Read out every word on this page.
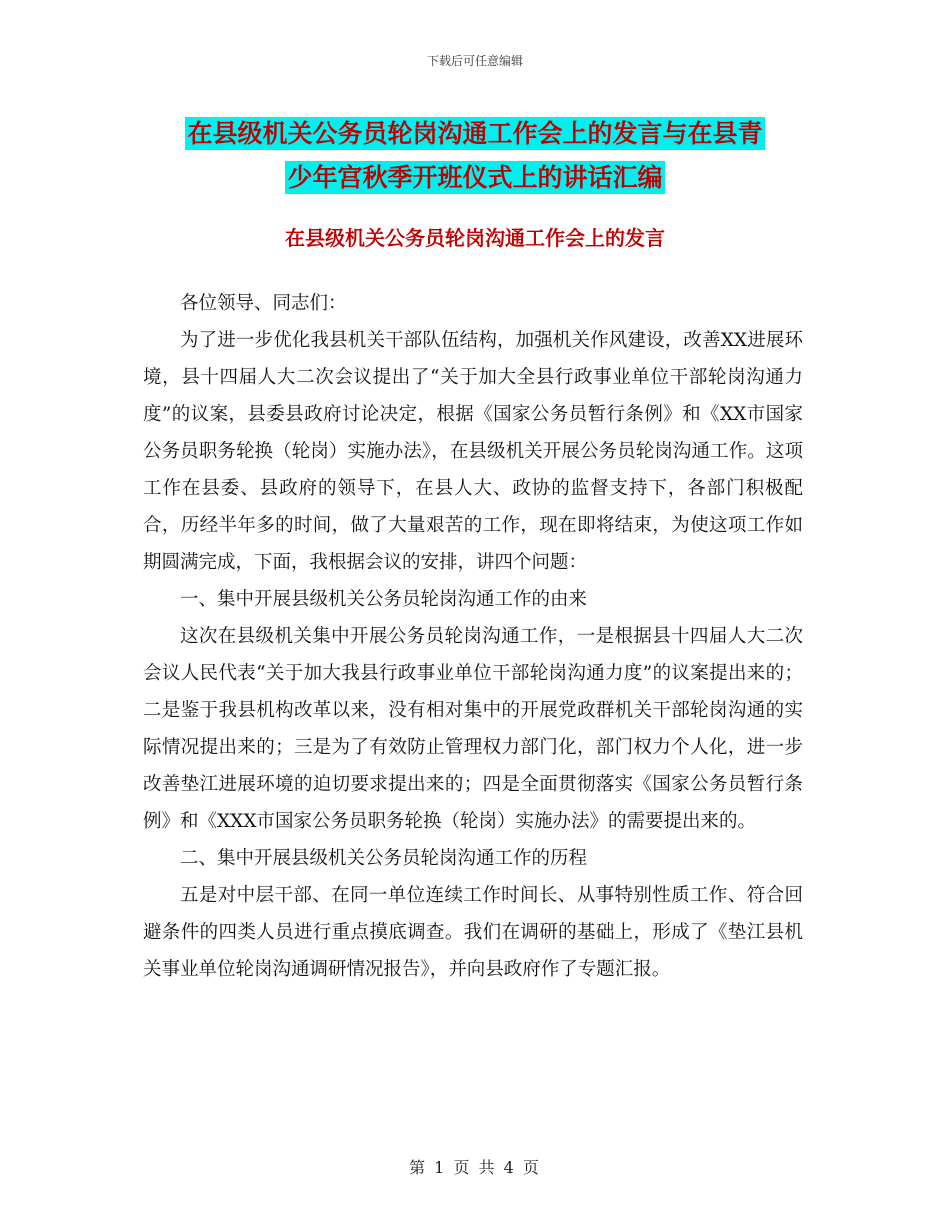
下载后可任意编辑
在县级机关公务员轮岗沟通工作会上的发言与在县青
少年宫秋季开班仪式上的讲话汇编
在县级机关公务员轮岗沟通工作会上的发言

各位领导、同志们：

为了进一步优化我县机关干部队伍结构，加强机关作风建设，改善XX进展环境，县十四届人大二次会议提出了“关于加大全县行政事业单位干部轮岗沟通力度”的议案，县委县政府讨论决定，根据《国家公务员暂行条例》和《XX市国家公务员职务轮换（轮岗）实施办法》，在县级机关开展公务员轮岗沟通工作。这项工作在县委、县政府的领导下，在县人大、政协的监督支持下，各部门积极配合，历经半年多的时间，做了大量艰苦的工作，现在即将结束，为使这项工作如期圆满完成，下面，我根据会议的安排，讲四个问题：

一、集中开展县级机关公务员轮岗沟通工作的由来

这次在县级机关集中开展公务员轮岗沟通工作，一是根据县十四届人大二次会议人民代表“关于加大我县行政事业单位干部轮岗沟通力度”的议案提出来的；二是鉴于我县机构改革以来，没有相对集中的开展党政群机关干部轮岗沟通的实际情况提出来的；三是为了有效防止管理权力部门化，部门权力个人化，进一步改善垫江进展环境的迫切要求提出来的；四是全面贯彻落实《国家公务员暂行条例》和《XXX市国家公务员职务轮换（轮岗）实施办法》的需要提出来的。

二、集中开展县级机关公务员轮岗沟通工作的历程

五是对中层干部、在同一单位连续工作时间长、从事特别性质工作、符合回避条件的四类人员进行重点摸底调查。我们在调研的基础上，形成了《垫江县机关事业单位轮岗沟通调研情况报告》，并向县政府作了专题汇报。

第 1 页 共 4 页
